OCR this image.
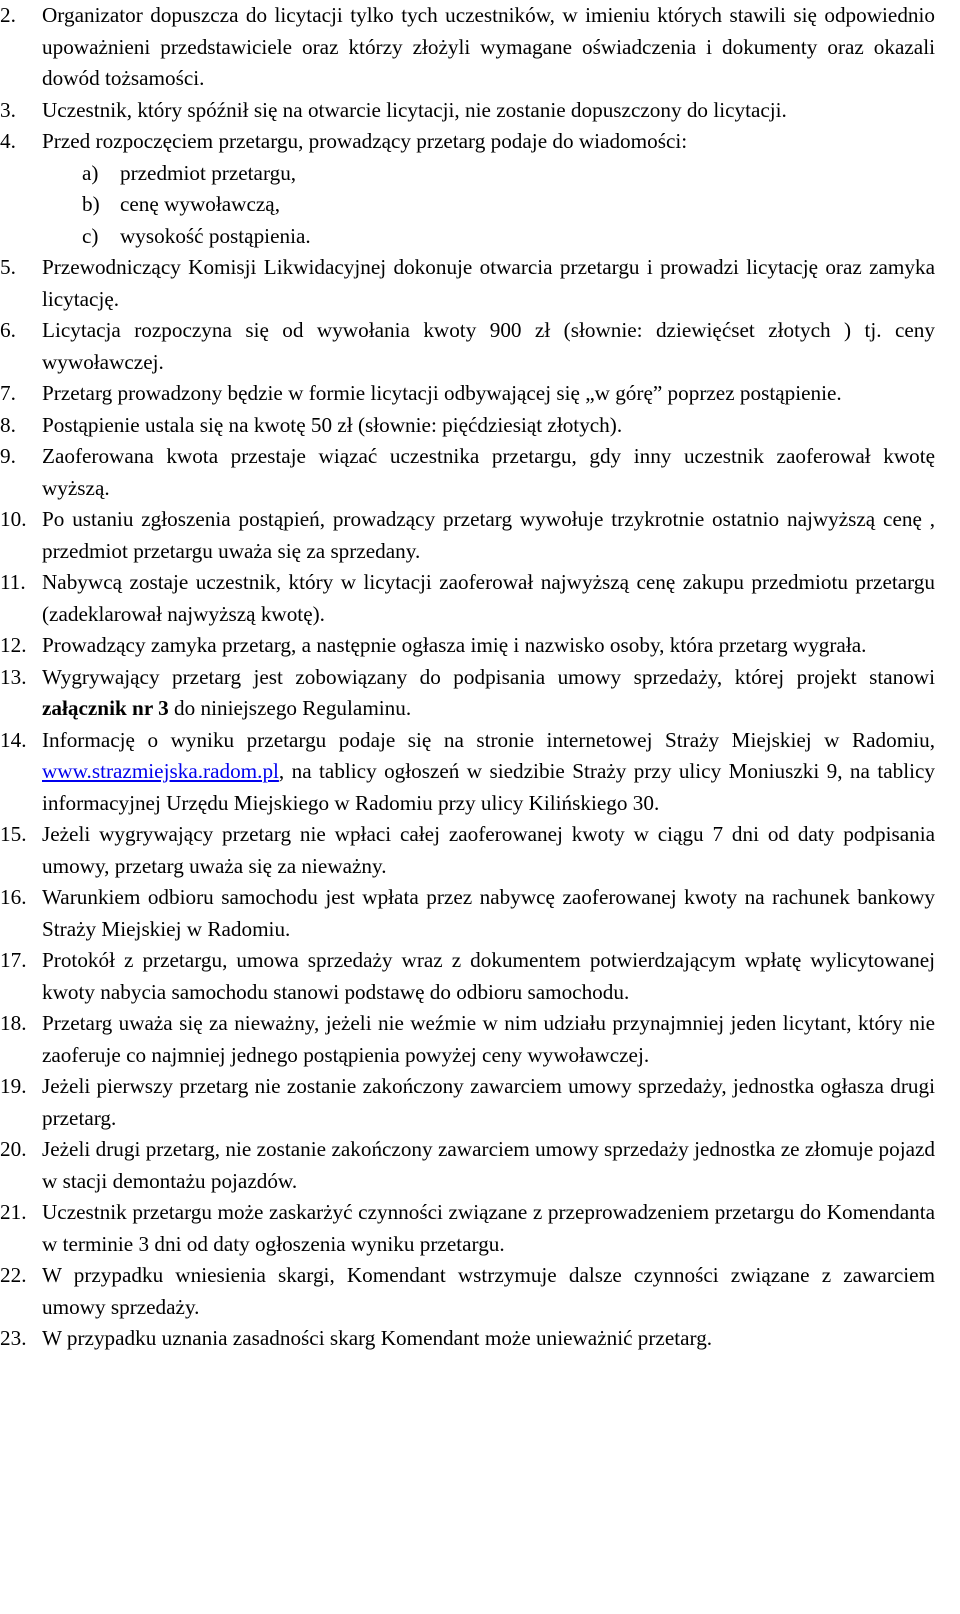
2. Organizator dopuszcza do licytacji tylko tych uczestników, w imieniu których stawili się odpowiednio upoważnieni przedstawiciele oraz którzy złożyli wymagane oświadczenia i dokumenty oraz okazali dowód tożsamości.
3. Uczestnik, który spóźnił się na otwarcie licytacji, nie zostanie dopuszczony do licytacji.
4. Przed rozpoczęciem przetargu, prowadzący przetarg podaje do wiadomości:
a) przedmiot przetargu,
b) cenę wywoławczą,
c) wysokość postąpienia.
5. Przewodniczący Komisji Likwidacyjnej dokonuje otwarcia przetargu i prowadzi licytację oraz zamyka licytację.
6. Licytacja rozpoczyna się od wywołania kwoty 900 zł (słownie: dziewięćset złotych ) tj. ceny wywoławczej.
7. Przetarg prowadzony będzie w formie licytacji odbywającej się „w górę” poprzez postąpienie.
8. Postąpienie ustala się na kwotę 50 zł (słownie: pięćdziesiąt złotych).
9. Zaoferowana kwota przestaje wiązać uczestnika przetargu, gdy inny uczestnik zaoferował kwotę wyższą.
10. Po ustaniu zgłoszenia postąpień, prowadzący przetarg wywołuje trzykrotnie ostatnio najwyższą cenę , przedmiot przetargu uważa się za sprzedany.
11. Nabywcą zostaje uczestnik, który w licytacji zaoferował najwyższą cenę zakupu przedmiotu przetargu (zadeklarował najwyższą kwotę).
12. Prowadzący zamyka przetarg, a następnie ogłasza imię i nazwisko osoby, która przetarg wygrała.
13. Wygrywający przetarg jest zobowiązany do podpisania umowy sprzedaży, której projekt stanowi załącznik nr 3 do niniejszego Regulaminu.
14. Informację o wyniku przetargu podaje się na stronie internetowej Straży Miejskiej w Radomiu, www.strazmiejska.radom.pl, na tablicy ogłoszeń w siedzibie Straży przy ulicy Moniuszki 9, na tablicy informacyjnej Urzędu Miejskiego w Radomiu przy ulicy Kilińskiego 30.
15. Jeżeli wygrywający przetarg nie wpłaci całej zaoferowanej kwoty w ciągu 7 dni od daty podpisania umowy, przetarg uważa się za nieważny.
16. Warunkiem odbioru samochodu jest wpłata przez nabywcę zaoferowanej kwoty na rachunek bankowy Straży Miejskiej w Radomiu.
17. Protokół z przetargu, umowa sprzedaży wraz z dokumentem potwierdzającym wpłatę wylicytowanej kwoty nabycia samochodu stanowi podstawę do odbioru samochodu.
18. Przetarg uważa się za nieważny, jeżeli nie weźmie w nim udziału przynajmniej jeden licytant, który nie zaoferuje co najmniej jednego postąpienia powyżej ceny wywoławczej.
19. Jeżeli pierwszy przetarg nie zostanie zakończony zawarciem umowy sprzedaży, jednostka ogłasza drugi przetarg.
20. Jeżeli drugi przetarg, nie zostanie zakończony zawarciem umowy sprzedaży jednostka ze złomuje pojazd w stacji demontażu pojazdów.
21. Uczestnik przetargu może zaskarżyć czynności związane z przeprowadzeniem przetargu do Komendanta w terminie 3 dni od daty ogłoszenia wyniku przetargu.
22. W przypadku wniesienia skargi, Komendant wstrzymuje dalsze czynności związane z zawarciem umowy sprzedaży.
23. W przypadku uznania zasadności skarg Komendant może unieważnić przetarg.
